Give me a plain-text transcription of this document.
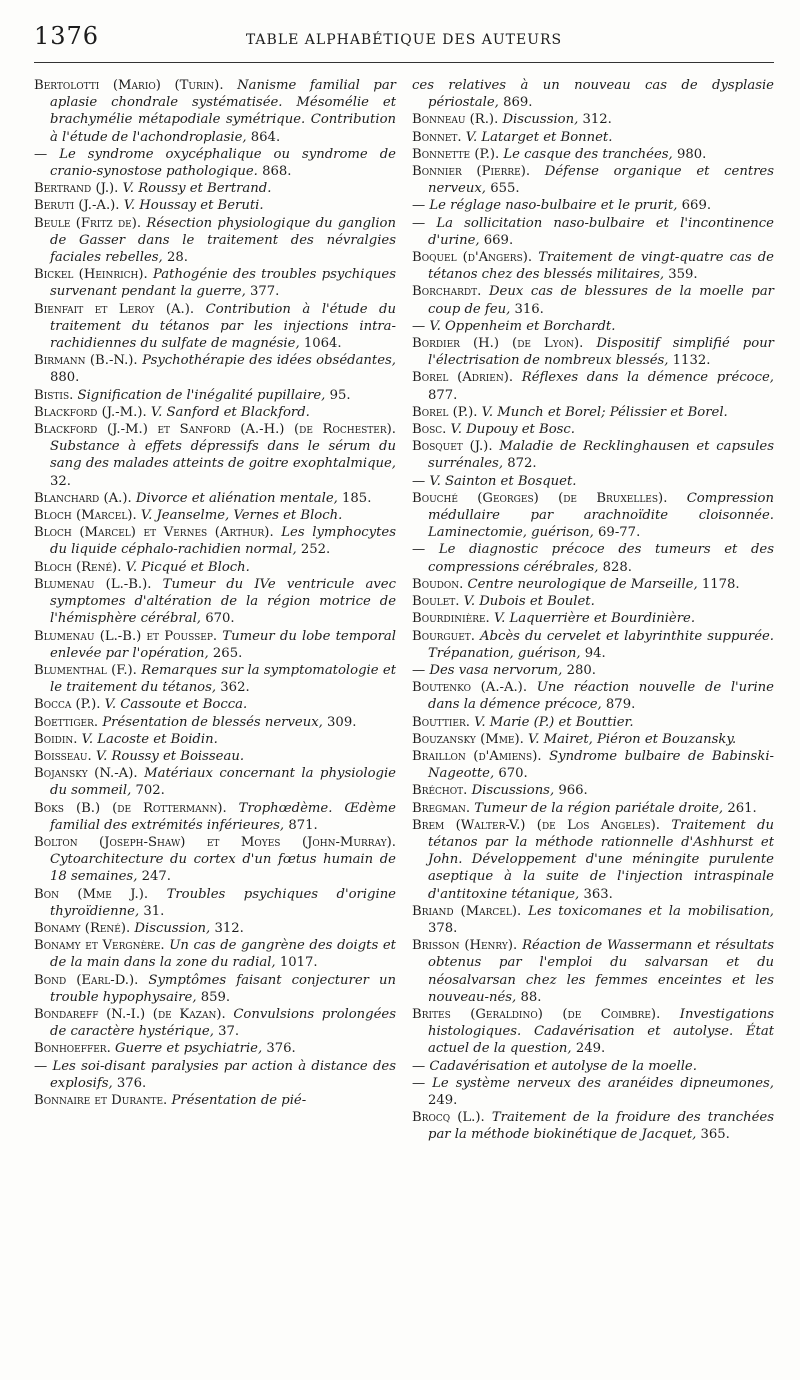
1376	TABLE ALPHABÉTIQUE DES AUTEURS

Bertolotti (Mario) (Turin). Nanisme familial par aplasie chondrale systématisée. Mésomélie et brachymélie métapodiale symétrique. Contribution à l'étude de l'achondroplasie, 864.

— Le syndrome oxycéphalique ou syndrome de cranio-synostose pathologique. 868.

Bertrand (J.). V. Roussy et Bertrand.

Beruti (J.-A.). V. Houssay et Beruti.

Beule (Fritz de). Résection physiologique du ganglion de Gasser dans le traitement des névralgies faciales rebelles, 28.

Bickel (Heinrich). Pathogénie des troubles psychiques survenant pendant la guerre, 377.

Bienfait et Leroy (A.). Contribution à l'étude du traitement du tétanos par les injections intra-rachidiennes du sulfate de magnésie, 1064.

Birmann (B.-N.). Psychothérapie des idées obsédantes, 880.

Bistis. Signification de l'inégalité pupillaire, 95.

Blackford (J.-M.). V. Sanford et Blackford.

Blackford (J.-M.) et Sanford (A.-H.) (de Rochester). Substance à effets dépressifs dans le sérum du sang des malades atteints de goitre exophtalmique, 32.

Blanchard (A.). Divorce et aliénation mentale, 185.

Bloch (Marcel). V. Jeanselme, Vernes et Bloch.

Bloch (Marcel) et Vernes (Arthur). Les lymphocytes du liquide céphalo-rachidien normal, 252.

Bloch (René). V. Picqué et Bloch.

Blumenau (L.-B.). Tumeur du IVe ventricule avec symptomes d'altération de la région motrice de l'hémisphère cérébral, 670.

Blumenau (L.-B.) et Poussep. Tumeur du lobe temporal enlevée par l'opération, 265.

Blumenthal (F.). Remarques sur la symptomatologie et le traitement du tétanos, 362.

Bocca (P.). V. Cassoute et Bocca.

Boettiger. Présentation de blessés nerveux, 309.

Boidin. V. Lacoste et Boidin.

Boisseau. V. Roussy et Boisseau.

Bojansky (N.-A). Matériaux concernant la physiologie du sommeil, 702.

Boks (B.) (de Rottermann). Trophœdème. Œdème familial des extrémités inférieures, 871.

Bolton (Joseph-Shaw) et Moyes (John-Murray). Cytoarchitecture du cortex d'un fœtus humain de 18 semaines, 247.

Bon (Mme J.). Troubles psychiques d'origine thyroïdienne, 31.

Bonamy (René). Discussion, 312.

Bonamy et Vergnère. Un cas de gangrène des doigts et de la main dans la zone du radial, 1017.

Bond (Earl-D.). Symptômes faisant conjecturer un trouble hypophysaire, 859.

Bondareff (N.-I.) (de Kazan). Convulsions prolongées de caractère hystérique, 37.

Bonhoeffer. Guerre et psychiatrie, 376.

— Les soi-disant paralysies par action à distance des explosifs, 376.

Bonnaire et Durante. Présentation de pié-

ces relatives à un nouveau cas de dysplasie périostale, 869.

Bonneau (R.). Discussion, 312.

Bonnet. V. Latarget et Bonnet.

Bonnette (P.). Le casque des tranchées, 980.

Bonnier (Pierre). Défense organique et centres nerveux, 655.

— Le réglage naso-bulbaire et le prurit, 669.

— La sollicitation naso-bulbaire et l'incontinence d'urine, 669.

Boquel (d'Angers). Traitement de vingt-quatre cas de tétanos chez des blessés militaires, 359.

Borchardt. Deux cas de blessures de la moelle par coup de feu, 316.

— V. Oppenheim et Borchardt.

Bordier (H.) (de Lyon). Dispositif simplifié pour l'électrisation de nombreux blessés, 1132.

Borel (Adrien). Réflexes dans la démence précoce, 877.

Borel (P.). V. Munch et Borel; Pélissier et Borel.

Bosc. V. Dupouy et Bosc.

Bosquet (J.). Maladie de Recklinghausen et capsules surrénales, 872.

— V. Sainton et Bosquet.

Bouché (Georges) (de Bruxelles). Compression médullaire par arachnoïdite cloisonnée. Laminectomie, guérison, 69-77.

— Le diagnostic précoce des tumeurs et des compressions cérébrales, 828.

Boudon. Centre neurologique de Marseille, 1178.

Boulet. V. Dubois et Boulet.

Bourdinière. V. Laquerrière et Bourdinière.

Bourguet. Abcès du cervelet et labyrinthite suppurée. Trépanation, guérison, 94.

— Des vasa nervorum, 280.

Boutenko (A.-A.). Une réaction nouvelle de l'urine dans la démence précoce, 879.

Bouttier. V. Marie (P.) et Bouttier.

Bouzansky (Mme). V. Mairet, Piéron et Bouzansky.

Braillon (d'Amiens). Syndrome bulbaire de Babinski-Nageotte, 670.

Bréchot. Discussions, 966.

Bregman. Tumeur de la région pariétale droite, 261.

Brem (Walter-V.) (de Los Angeles). Traitement du tétanos par la méthode rationnelle d'Ashhurst et John. Développement d'une méningite purulente aseptique à la suite de l'injection intraspinale d'antitoxine tétanique, 363.

Briand (Marcel). Les toxicomanes et la mobilisation, 378.

Brisson (Henry). Réaction de Wassermann et résultats obtenus par l'emploi du salvarsan et du néosalvarsan chez les femmes enceintes et les nouveau-nés, 88.

Brites (Geraldino) (de Coimbre). Investigations histologiques. Cadavérisation et autolyse. État actuel de la question, 249.

— Cadavérisation et autolyse de la moelle.

— Le système nerveux des aranéides dipneumones, 249.

Brocq (L.). Traitement de la froidure des tranchées par la méthode biokinétique de Jacquet, 365.
